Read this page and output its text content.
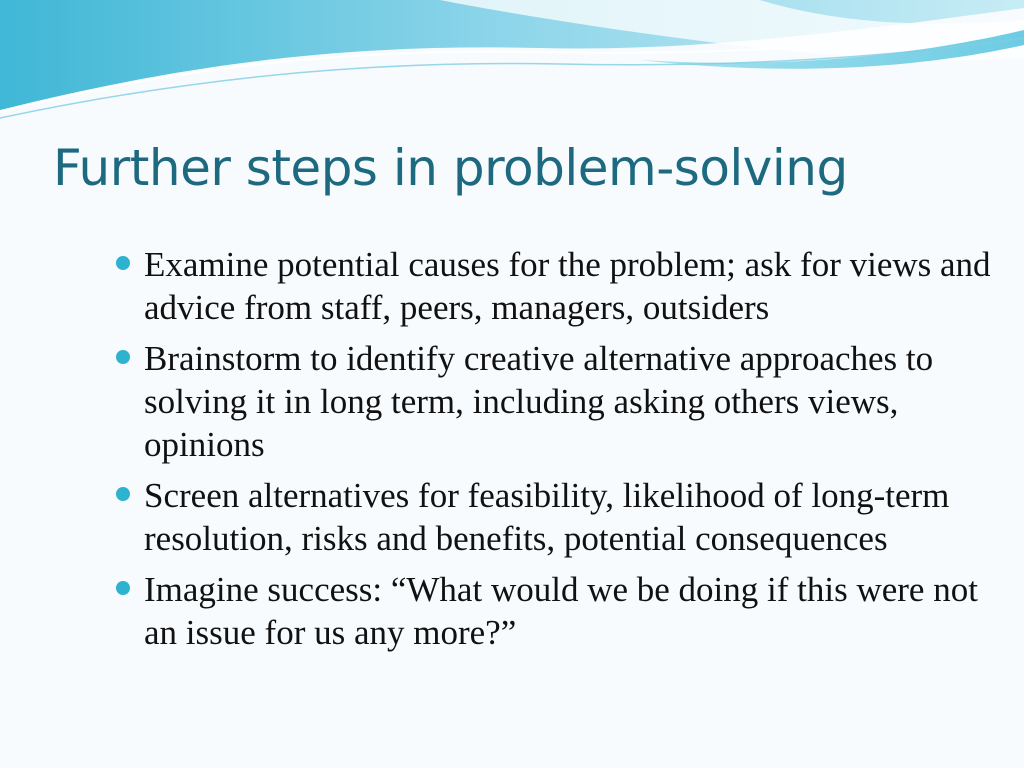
Further steps in problem-solving
Examine potential causes for the problem; ask for views and advice from staff, peers, managers, outsiders
Brainstorm to identify creative alternative approaches to solving it in long term, including asking others views, opinions
Screen alternatives for feasibility, likelihood of long-term resolution, risks and benefits, potential consequences
Imagine success: “What would we be doing if this were not an issue for us any more?”
